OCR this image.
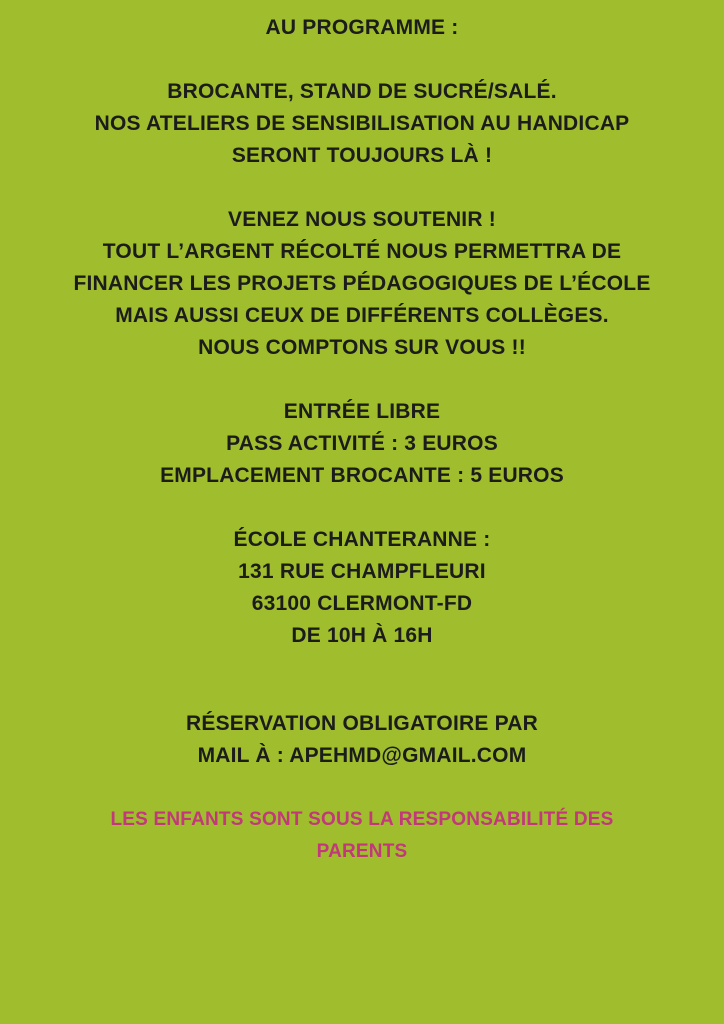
AU PROGRAMME :
BROCANTE, STAND DE SUCRÉ/SALÉ.
NOS ATELIERS DE SENSIBILISATION AU HANDICAP
SERONT TOUJOURS LÀ !
VENEZ NOUS SOUTENIR !
TOUT L’ARGENT RÉCOLTÉ NOUS PERMETTRA DE
FINANCER LES PROJETS PÉDAGOGIQUES DE L’ÉCOLE
MAIS AUSSI CEUX DE DIFFÉRENTS COLLÈGES.
NOUS COMPTONS SUR VOUS !!
ENTRÉE LIBRE
PASS ACTIVITÉ : 3 EUROS
EMPLACEMENT BROCANTE : 5 EUROS
ÉCOLE CHANTERANNE :
131 RUE CHAMPFLEURI
63100 CLERMONT-FD
DE 10H À 16H
RÉSERVATION OBLIGATOIRE PAR
MAIL À : APEHMD@GMAIL.COM
LES ENFANTS SONT SOUS LA RESPONSABILITÉ DES
PARENTS
